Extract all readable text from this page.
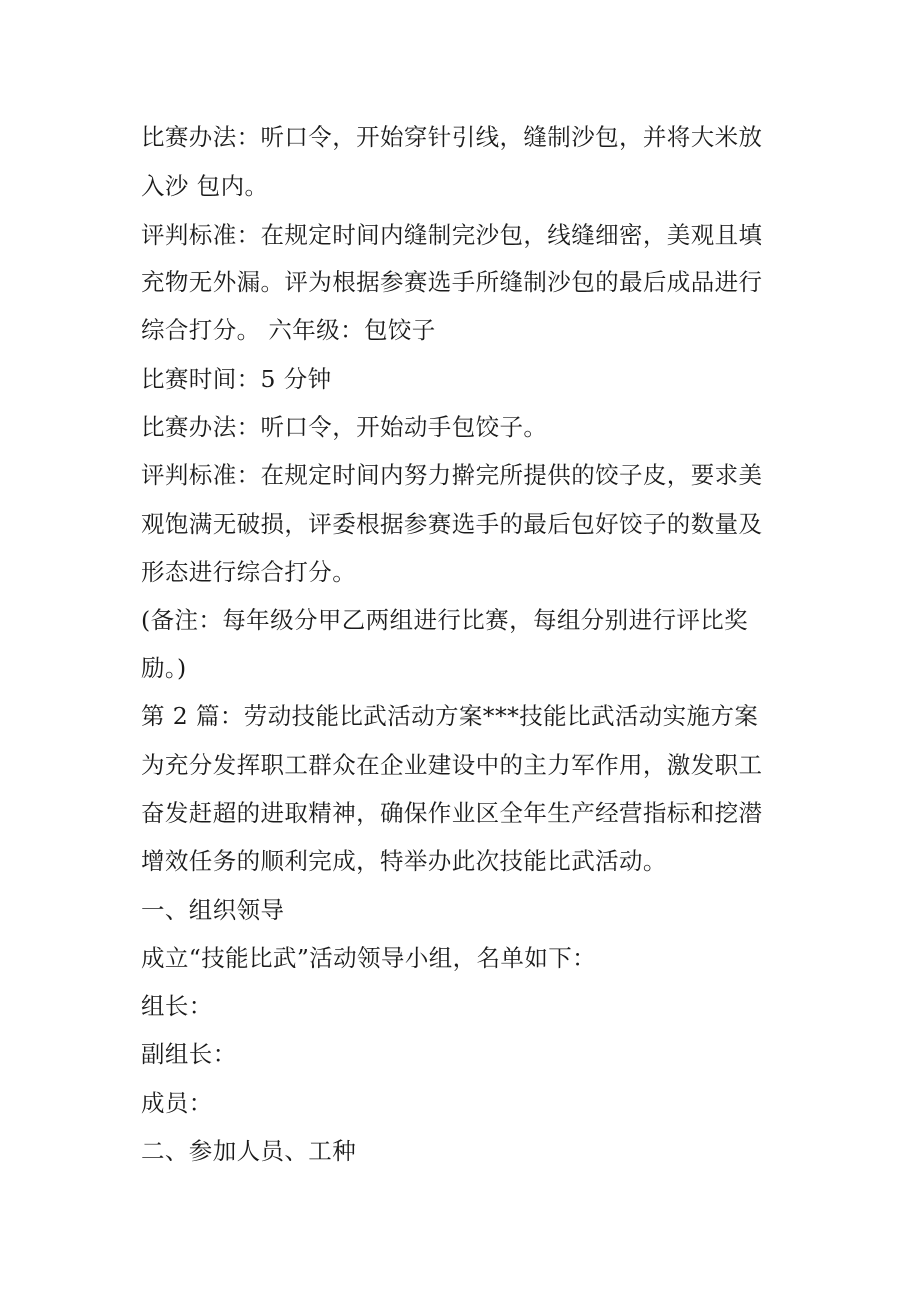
比赛办法：听口令，开始穿针引线，缝制沙包，并将大米放
入沙 包内。
评判标准：在规定时间内缝制完沙包，线缝细密，美观且填
充物无外漏。评为根据参赛选手所缝制沙包的最后成品进行
综合打分。 六年级：包饺子
比赛时间：5 分钟
比赛办法：听口令，开始动手包饺子。
评判标准：在规定时间内努力擀完所提供的饺子皮，要求美
观饱满无破损，评委根据参赛选手的最后包好饺子的数量及
形态进行综合打分。
(备注：每年级分甲乙两组进行比赛，每组分别进行评比奖
励。)
第 2 篇：劳动技能比武活动方案***技能比武活动实施方案
为充分发挥职工群众在企业建设中的主力军作用，激发职工
奋发赶超的进取精神，确保作业区全年生产经营指标和挖潜
增效任务的顺利完成，特举办此次技能比武活动。
一、组织领导
成立“技能比武”活动领导小组，名单如下：
组长：
副组长：
成员：
二、参加人员、工种
